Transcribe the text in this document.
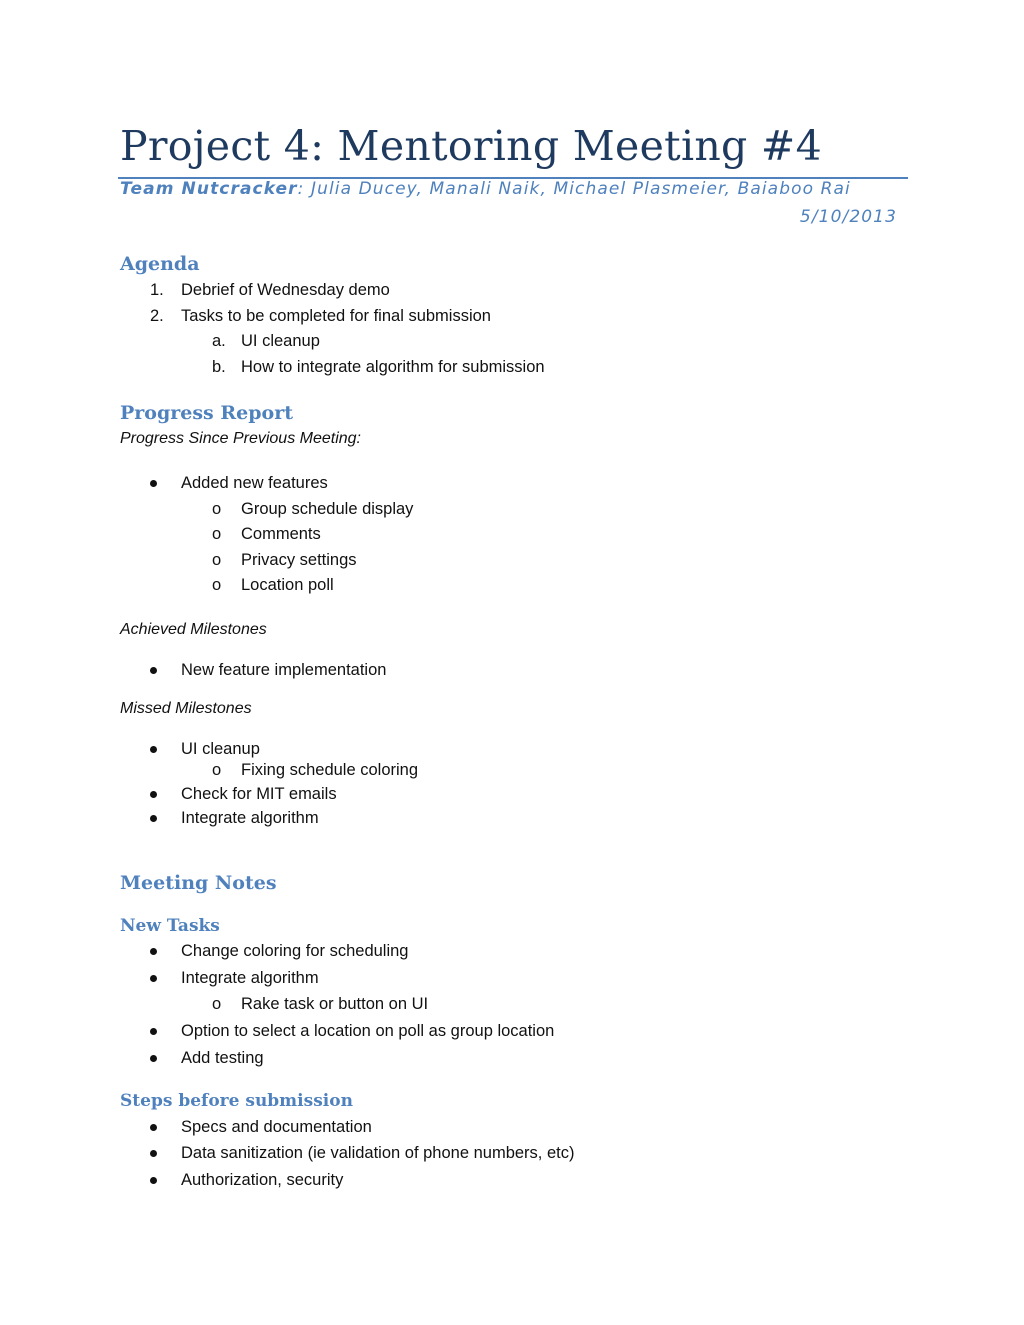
Project 4: Mentoring Meeting #4
Team Nutcracker: Julia Ducey, Manali Naik, Michael Plasmeier, Baiaboo Rai
5/10/2013
Agenda
1. Debrief of Wednesday demo
2. Tasks to be completed for final submission
a. UI cleanup
b. How to integrate algorithm for submission
Progress Report
Progress Since Previous Meeting:
Added new features
o Group schedule display
o Comments
o Privacy settings
o Location poll
Achieved Milestones
New feature implementation
Missed Milestones
UI cleanup
o Fixing schedule coloring
Check for MIT emails
Integrate algorithm
Meeting Notes
New Tasks
Change coloring for scheduling
Integrate algorithm
o Rake task or button on UI
Option to select a location on poll as group location
Add testing
Steps before submission
Specs and documentation
Data sanitization (ie validation of phone numbers, etc)
Authorization, security
